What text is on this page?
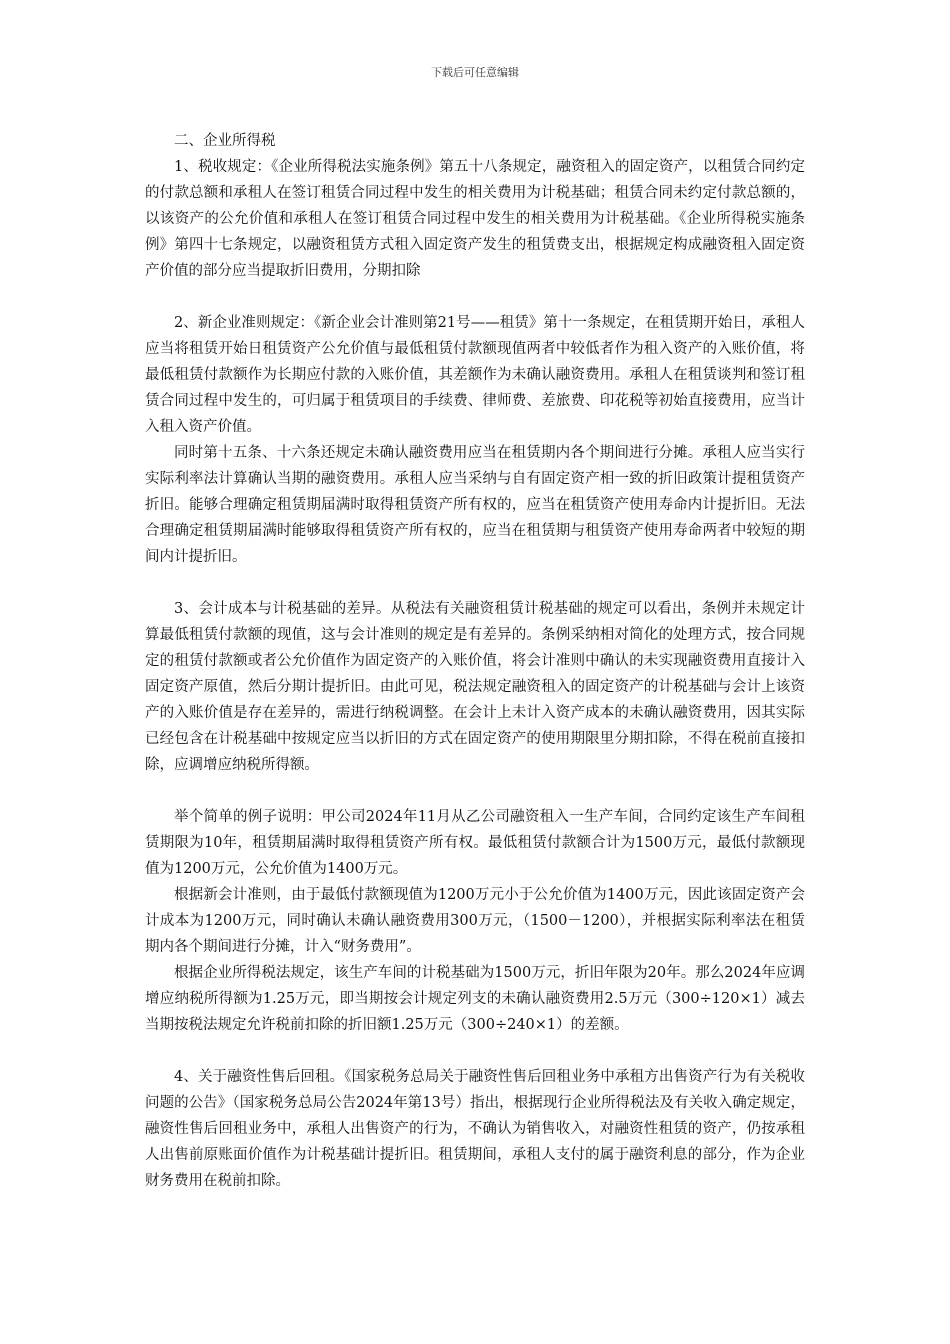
下载后可任意编辑

二、企业所得税

1、税收规定：《企业所得税法实施条例》第五十八条规定，融资租入的固定资产，以租赁合同约定的付款总额和承租人在签订租赁合同过程中发生的相关费用为计税基础；租赁合同未约定付款总额的，以该资产的公允价值和承租人在签订租赁合同过程中发生的相关费用为计税基础。《企业所得税实施条例》第四十七条规定，以融资租赁方式租入固定资产发生的租赁费支出，根据规定构成融资租入固定资产价值的部分应当提取折旧费用，分期扣除

2、新企业准则规定：《新企业会计准则第21号——租赁》第十一条规定，在租赁期开始日，承租人应当将租赁开始日租赁资产公允价值与最低租赁付款额现值两者中较低者作为租入资产的入账价值，将最低租赁付款额作为长期应付款的入账价值，其差额作为未确认融资费用。承租人在租赁谈判和签订租赁合同过程中发生的，可归属于租赁项目的手续费、律师费、差旅费、印花税等初始直接费用，应当计入租入资产价值。

同时第十五条、十六条还规定未确认融资费用应当在租赁期内各个期间进行分摊。承租人应当实行实际利率法计算确认当期的融资费用。承租人应当采纳与自有固定资产相一致的折旧政策计提租赁资产折旧。能够合理确定租赁期届满时取得租赁资产所有权的，应当在租赁资产使用寿命内计提折旧。无法合理确定租赁期届满时能够取得租赁资产所有权的，应当在租赁期与租赁资产使用寿命两者中较短的期间内计提折旧。

3、会计成本与计税基础的差异。从税法有关融资租赁计税基础的规定可以看出，条例并未规定计算最低租赁付款额的现值，这与会计准则的规定是有差异的。条例采纳相对简化的处理方式，按合同规定的租赁付款额或者公允价值作为固定资产的入账价值，将会计准则中确认的未实现融资费用直接计入固定资产原值，然后分期计提折旧。由此可见，税法规定融资租入的固定资产的计税基础与会计上该资产的入账价值是存在差异的，需进行纳税调整。在会计上未计入资产成本的未确认融资费用，因其实际已经包含在计税基础中按规定应当以折旧的方式在固定资产的使用期限里分期扣除，不得在税前直接扣除，应调增应纳税所得额。

举个简单的例子说明：甲公司2024年11月从乙公司融资租入一生产车间，合同约定该生产车间租赁期限为10年，租赁期届满时取得租赁资产所有权。最低租赁付款额合计为1500万元，最低付款额现值为1200万元，公允价值为1400万元。

根据新会计准则，由于最低付款额现值为1200万元小于公允价值为1400万元，因此该固定资产会计成本为1200万元，同时确认未确认融资费用300万元，（1500－1200），并根据实际利率法在租赁期内各个期间进行分摊，计入“财务费用”。

根据企业所得税法规定，该生产车间的计税基础为1500万元，折旧年限为20年。那么2024年应调增应纳税所得额为1.25万元，即当期按会计规定列支的未确认融资费用2.5万元（300÷120×1）减去当期按税法规定允许税前扣除的折旧额1.25万元（300÷240×1）的差额。

4、关于融资性售后回租。《国家税务总局关于融资性售后回租业务中承租方出售资产行为有关税收问题的公告》（国家税务总局公告2024年第13号）指出，根据现行企业所得税法及有关收入确定规定，融资性售后回租业务中，承租人出售资产的行为，不确认为销售收入，对融资性租赁的资产，仍按承租人出售前原账面价值作为计税基础计提折旧。租赁期间，承租人支付的属于融资利息的部分，作为企业财务费用在税前扣除。
